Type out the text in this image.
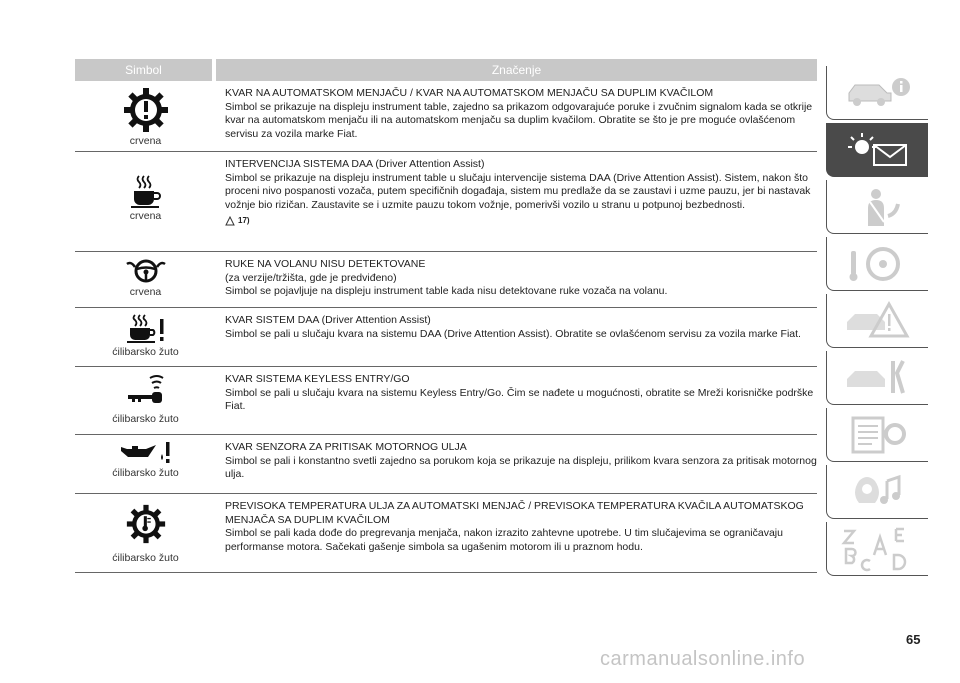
Simbol	Značenje
crvena
KVAR NA AUTOMATSKOM MENJAČU / KVAR NA AUTOMATSKOM MENJAČU SA DUPLIM KVAČILOM
Simbol se prikazuje na displeju instrument table, zajedno sa prikazom odgovarajuće poruke i zvučnim signalom kada se otkrije kvar na automatskom menjaču ili na automatskom menjaču sa duplim kvačilom. Obratite se što je pre moguće ovlašćenom servisu za vozila marke Fiat.
crvena
INTERVENCIJA SISTEMA DAA (Driver Attention Assist)
Simbol se prikazuje na displeju instrument table u slučaju intervencije sistema DAA (Drive Attention Assist). Sistem, nakon što proceni nivo pospanosti vozača, putem specifičnih događaja, sistem mu predlaže da se zaustavi i uzme pauzu, jer bi nastavak vožnje bio rizičan. Zaustavite se i uzmite pauzu tokom vožnje, pomerivši vozilo u stranu u potpunoj bezbednosti.
17)
crvena
RUKE NA VOLANU NISU DETEKTOVANE
(za verzije/tržišta, gde je predviđeno)
Simbol se pojavljuje na displeju instrument table kada nisu detektovane ruke vozača na volanu.
ćilibarsko žuto
KVAR SISTEM DAA (Driver Attention Assist)
Simbol se pali u slučaju kvara na sistemu DAA (Drive Attention Assist). Obratite se ovlašćenom servisu za vozila marke Fiat.
ćilibarsko žuto
KVAR SISTEMA KEYLESS ENTRY/GO
Simbol se pali u slučaju kvara na sistemu Keyless Entry/Go. Čim se nađete u mogućnosti, obratite se Mreži korisničke podrške Fiat.
ćilibarsko žuto
KVAR SENZORA ZA PRITISAK MOTORNOG ULJA
Simbol se pali i konstantno svetli zajedno sa porukom koja se prikazuje na displeju, prilikom kvara senzora za pritisak motornog ulja.
ćilibarsko žuto
PREVISOKA TEMPERATURA ULJA ZA AUTOMATSKI MENJAČ / PREVISOKA TEMPERATURA KVAČILA AUTOMATSKOG MENJAČA SA DUPLIM KVAČILOM
Simbol se pali kada dođe do pregrevanja menjača, nakon izrazito zahtevne upotrebe. U tim slučajevima se ograničavaju performanse motora. Sačekati gašenje simbola sa ugašenim motorom ili u praznom hodu.
65
carmanualsonline.info
